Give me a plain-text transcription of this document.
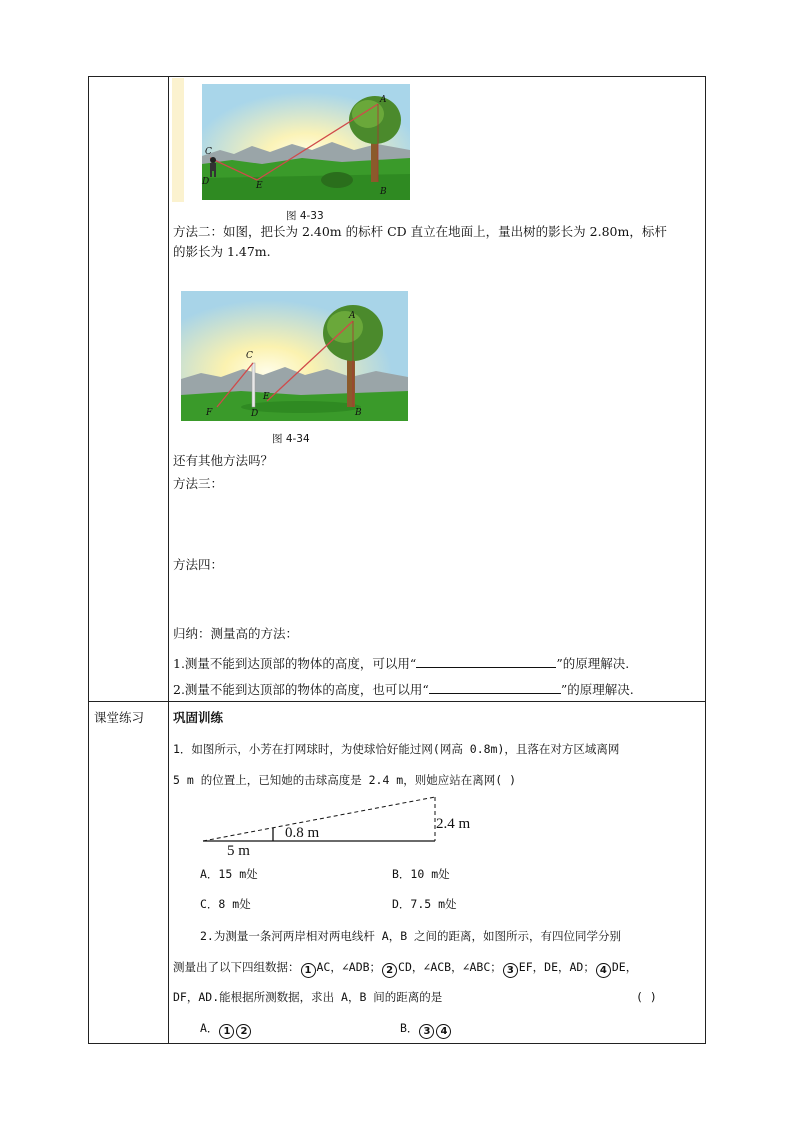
A
B
C
D	E
图 4-33
方法二：如图，把长为 2.40m 的标杆 CD 直立在地面上，量出树的影长为 2.80m，标杆
的影长为 1.47m.
A
B
C
D
E
F
图 4-34
还有其他方法吗？
方法三：
方法四：
归纳：测量高的方法：
1.测量不能到达顶部的物体的高度，可以用“	”的原理解决.
2.测量不能到达顶部的物体的高度，也可以用“	”的原理解决.
课堂练习 巩固训练
1．如图所示，小芳在打网球时，为使球恰好能过网(网高 0.8m)，且落在对方区域离网
5 m 的位置上，已知她的击球高度是 2.4 m，则她应站在离网( )
2.4 m
0.8 m
5 m
A．15 m处	B．10 m处
C．8 m处	D．7.5 m处
2.为测量一条河两岸相对两电线杆 A，B 之间的距离，如图所示，有四位同学分别
测量出了以下四组数据： 1 AC，∠ADB； 2 CD，∠ACB，∠ABC； 3 EF，DE，AD； 4 DE，
DF，AD.能根据所测数据，求出 A，B 间的距离的是	( )
A． 1 2	B． 3 4
